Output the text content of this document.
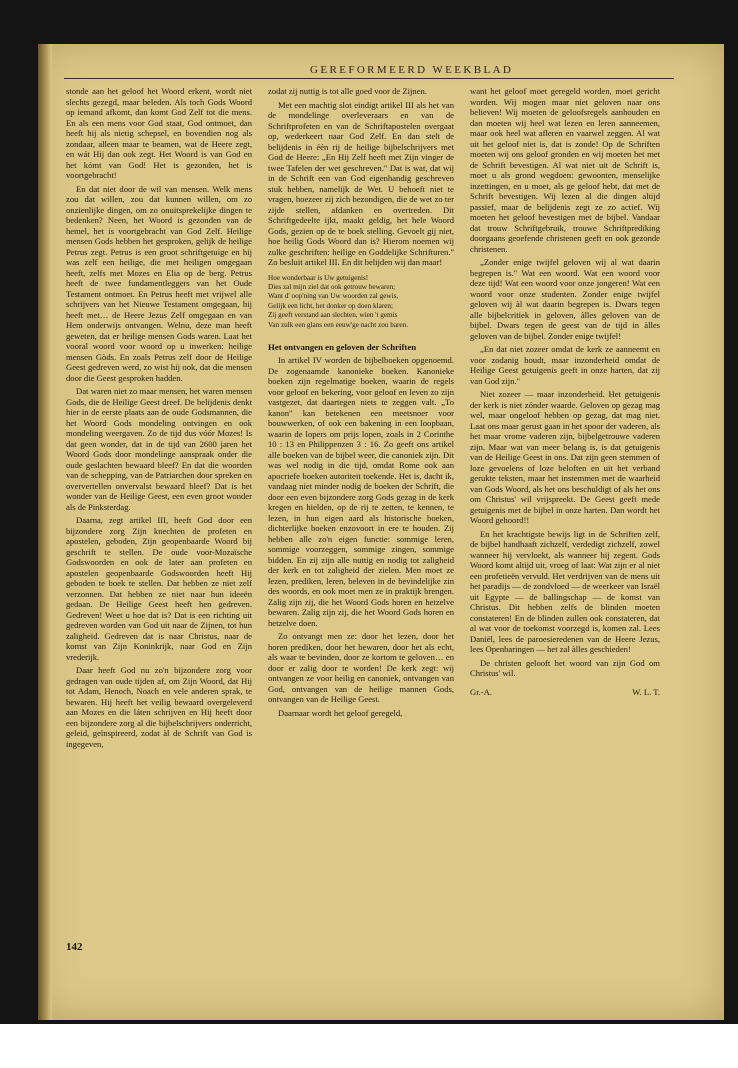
GEREFORMEERD WEEKBLAD

stonde aan het geloof het Woord erkent, wordt niet slechts gezegd, maar beleden. Als toch Gods Woord op iemand afkomt, dan komt God Zelf tot die mens. En als een mens voor God staat, God ontmoet, dan heeft hij als nietig schepsel, en bovendien nog als zondaar, alleen maar te beamen, wat de Heere zegt, en wát Hij dan ook zegt. Het Woord is van God en het kómt van God! Het is gezonden, het is voortgebracht!

En dat niet door de wil van mensen. Welk mens zou dat willen, zou dat kunnen willen, om zo onzienlijke dingen, om zo onuitsprekelijke dingen te bedenken? Neen, het Woord is gezonden van de hemel, het is voortgebracht van God Zelf. Heilige mensen Gods hebben het gesproken, gelijk de heilige Petrus zegt. Petrus is een groot schriftgetuige en hij was zelf een heilige, die met heiligen omgegaan heeft, zelfs met Mozes en Elia op de berg. Petrus heeft de twee fundamentleggers van het Oude Testament ontmoet. En Petrus heeft met vrijwel alle schrijvers van het Nieuwe Testament omgegaan, hij heeft met… de Heere Jezus Zelf omgegaan en van Hem onderwijs ontvangen. Welnu, deze man heeft geweten, dat er heilige mensen Gods waren. Laat het vooral woord voor woord op u inwerken: heilige mensen Gòds. En zoals Petrus zelf door de Heilige Geest gedreven werd, zo wist hij ook, dat die mensen door die Geest gesproken hadden.

Dat waren niet zo maar mensen, het waren mensen Gods, die de Heilige Geest dreef. De belijdenis denkt hier in de eerste plaats aan de oude Godsmannen, die het Woord Gods mondeling ontvingen en ook mondeling weergaven. Zo de tijd dus vóór Mozes! Is dat geen wonder, dat in de tijd van 2600 jaren het Woord Gods door mondelinge aanspraak onder die oude geslachten bewaard bleef? En dat die woorden van de schepping, van de Patriarchen door spreken en oververtellen onvervalst bewaard bleef? Dat is het wonder van de Heilige Geest, een even groot wonder als de Pinksterdag.

Daarna, zegt artikel III, heeft God door een bijzondere zorg Zijn knechten de profeten en apostelen, geboden, Zijn geopenbaarde Woord bij geschrift te stellen. De oude voor-Mozaïsche Godswoorden en ook de later aan profeten en apostelen geopenbaarde Godswoorden heeft Hij geboden te boek te stellen. Dat hebben ze niet zelf verzonnen. Dat hebben ze niet naar hun ideeën gedaan. De Heilige Geest heeft hen gedreven. Gedreven! Weet u hoe dat is? Dat is een richting uit gedreven worden van God uit naar de Zijnen, tot hun zaligheid. Gedreven dat is naar Christus, naar de komst van Zijn Koninkrijk, naar God en Zijn vrederijk.

Daar heeft God nu zo'n bijzondere zorg voor gedragen van oude tijden af, om Zijn Woord, dat Hij tot Adam, Henoch, Noach en vele anderen sprak, te bewaren. Hij heeft het veilig bewaard overgeleverd aan Mozes en die láten schrijven en Hij heeft door een bijzondere zorg al die bijbelschrijvers onderricht, geleid, geïnspireerd, zodat àl de Schrift van God is ingegeven,

zodat zij nuttig is tot alle goed voor de Zijnen.

Met een machtig slot eindigt artikel III als het van de mondelinge overleveraars en van de Schriftprofeten en van de Schriftapostelen overgaat op, wederkeert naar God Zelf. En dan stelt de belijdenis in één rij de heilige bijbelschrijvers met God de Heere: „En Hij Zelf heeft met Zijn vinger de twee Tafelen der wet geschreven." Dat is wat, dat wij in de Schrift een van God eigenhandig geschreven stuk hebben, namelijk de Wet. U behoeft niet te vragen, hoezeer zij zich bezondigen, die de wet zo ter zijde stellen, afdanken en overtreden. Dit Schriftgedeelte ijkt, maakt geldig, het hele Woord Gods, gezien op de te boek stelling. Gevoelt gij niet, hoe heilig Gods Woord dan is? Hierom noemen wij zulke geschriften: heilige en Goddelijke Schrifturen." Zo besluit artikel III. En dit belijden wij dan maar!

Hoe wonderbaar is Uw getuigenis!
Dies zal mijn ziel dat ook getrouw bewaren;
Want d' oop'ning van Uw woorden zal gewis,
Gelijk een licht, het donker op doen klaren;
Zij geeft verstand aan slechten, wien 't gemis
Van zulk een glans een eeuw'ge nacht zou baren.
Het ontvangen en geloven der Schriften

In artikel IV worden de bijbelboeken opgenoemd. De zogenaamde kanonieke boeken. Kanonieke boeken zijn regelmatige boeken, waarin de regels voor geloof en bekering, voor geloof en leven zo zijn vastgezet, dat daartegen niets te zeggen valt. „To kanon" kan betekenen een meetsnoer voor bouwwerken, of ook een bakening in een loopbaan, waarin de lopers om prijs lopen, zoals in 2 Corinthe 10 : 13 en Philippenzen 3 : 16. Zo geeft ons artikel alle boeken van de bijbel weer, die canoniek zijn. Dit was wel nodig in die tijd, omdat Rome ook aan apocriefe boeken autoriteit toekende. Het is, dacht ik, vandaag niet minder nodig de boeken der Schrift, die door een even bijzondere zorg Gods gezag in de kerk kregen en hielden, op de rij te zetten, te kennen, te lezen, in hun eigen aard als historische boeken, dichterlijke boeken enzovoort in ere te houden. Zij hebben alle zo'n eigen functie: sommige leren, sommige voorzeggen, sommige zingen, sommige bidden. En zij zijn alle nuttig en nodig tot zaligheid der kerk en tot zaligheid der zielen. Men moet ze lezen, prediken, leren, beleven in de bevindelijke zin des woords, en ook moet men ze in praktijk brengen. Zalig zijn zij, die het Woord Gods horen en hetzelve bewaren. Zalig zijn zij, die het Woord Gods horen en hetzelve doen.

Zo ontvangt men ze: door het lezen, door het horen prediken, door het bewaren, door het als echt, als waar te bevinden, door ze kortom te geloven… en door er zalig door te worden! De kerk zegt: wij ontvangen ze voor heilig en canoniek, ontvangen van God, ontvangen van de heilige mannen Gods, ontvangen van de Heilige Geest.

Daarnaar wordt het geloof geregeld,

want het geloof moet geregeld worden, moet gericht worden. Wij mogen maar niet geloven naar ons believen! Wij moeten de geloofsregels aanhouden en dan moeten wij heel wat lezen en leren aanneemen, maar ook heel wat afleren en vaarwel zeggen. Al wat uit het geloof niet is, dat is zonde! Op de Schriften moeten wij ons geloof gronden en wij moeten het met de Schrift bevestigen. Al wat niet uit de Schrift is, moet u als grond wegdoen: gewoonten, menselijke inzettingen, en u moet, als ge geloof hebt, dat met de Schrift bevestigen. Wij lezen al die dingen altijd passief, maar de belijdenis zegt ze zo actief. Wij moeten het geloof bevestigen met de bijbel. Vandaar dat trouw Schriftgebruik, trouwe Schriftprediking doorgaans geoefende christenen geeft en ook gezonde christenen.

„Zonder enige twijfel geloven wij al wat daarin begrepen is." Wat een woord. Wat een woord voor deze tijd! Wat een woord voor onze jongeren! Wat een woord voor onze studenten. Zonder enige twijfel geloven wij àl wat daarin begrepen is. Dwars tegen alle bijbelcritiek in geloven, àlles geloven van de bijbel. Dwars tegen de geest van de tijd in àlles geloven van de bijbel. Zonder enige twijfel!

„En dat niet zozeer omdat de kerk ze aanneemt en voor zodanig houdt, maar inzonderheid omdat de Heilige Geest getuigenis geeft in onze harten, dat zij van God zijn."

Niet zozeer — maar inzonderheid. Het getuigenis der kerk is niet zónder waarde. Geloven op gezag mag wel, maar ongeloof hebben op gezag, dat mag niet. Laat ons maar gerust gaan in het spoor der vaderen, als het maar vrome vaderen zijn, bijbelgetrouwe vaderen zijn. Maar wat van meer belang is, is dat getuigenis van de Heilige Geest in ons. Dat zijn geen stemmen of loze gevoelens of loze beloften en uit het verband gerukte teksten, maar het instemmen met de waarheid van Gods Woord, als het ons beschuldigt of als het ons om Christus' wil vrijspreekt. De Geest geeft mede getuigenis met de bijbel in onze harten. Dan wordt het Woord gehoord!!

En het krachtigste bewijs ligt in de Schriften zelf, de bijbel handhaaft zichzelf, verdedigt zichzelf, zowel wanneer hij vervloekt, als wanneer hij zegent. Gods Woord komt altijd uit, vroeg of laat: Wat zijn er al niet een profetieën vervuld. Het verdrijven van de mens uit het paradijs — de zondvloed — de weerkeer van Israël uit Egypte — de ballingschap — de komst van Christus. Dit hebben zelfs de blinden moeten constateren! En de blinden zullen ook constateren, dat al wat voor de toekomst voorzegd is, komen zal. Lees Daniël, lees de paroesieredenen van de Heere Jezus, lees Openbaringen — het zal àlles geschieden!

De christen gelooft het woord van zijn God om Christus' wil.

Gr.-A.	W. L. T.
142
